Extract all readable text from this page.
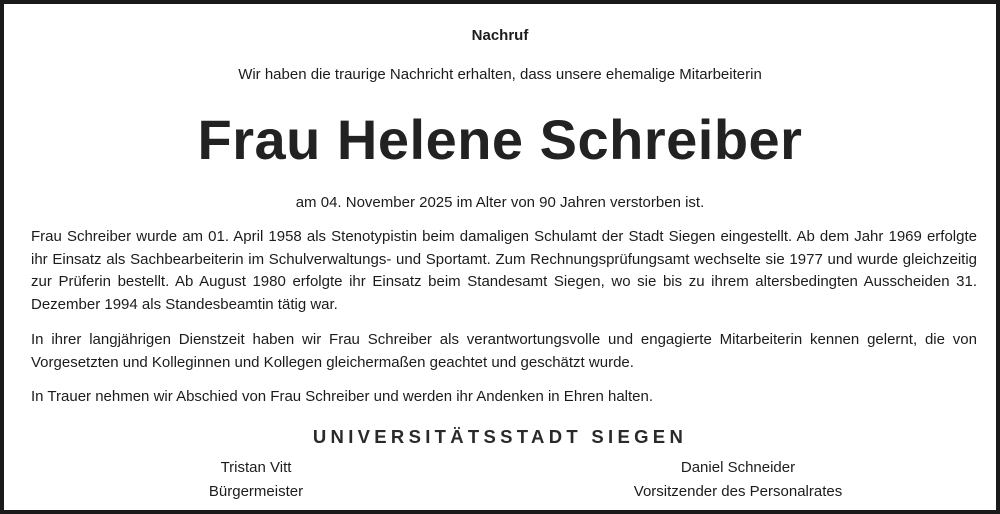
Nachruf
Wir haben die traurige Nachricht erhalten, dass unsere ehemalige Mitarbeiterin
Frau Helene Schreiber
am 04. November 2025 im Alter von 90 Jahren verstorben ist.
Frau Schreiber wurde am 01. April 1958 als Stenotypistin beim damaligen Schulamt der Stadt Siegen eingestellt. Ab dem Jahr 1969 erfolgte ihr Einsatz als Sachbearbeiterin im Schulverwaltungs- und Sportamt. Zum Rechnungsprüfungsamt wechselte sie 1977 und wurde gleichzeitig zur Prüferin bestellt. Ab August 1980 erfolgte ihr Einsatz beim Standesamt Siegen, wo sie bis zu ihrem altersbedingten Ausscheiden 31. Dezember 1994 als Standesbeamtin tätig war.
In ihrer langjährigen Dienstzeit haben wir Frau Schreiber als verantwortungsvolle und engagierte Mitarbeiterin kennen gelernt, die von Vorgesetzten und Kolleginnen und Kollegen gleichermaßen geachtet und geschätzt wurde.
In Trauer nehmen wir Abschied von Frau Schreiber und werden ihr Andenken in Ehren halten.
UNIVERSITÄTSSTADT SIEGEN
Tristan Vitt
Bürgermeister
Daniel Schneider
Vorsitzender des Personalrates
